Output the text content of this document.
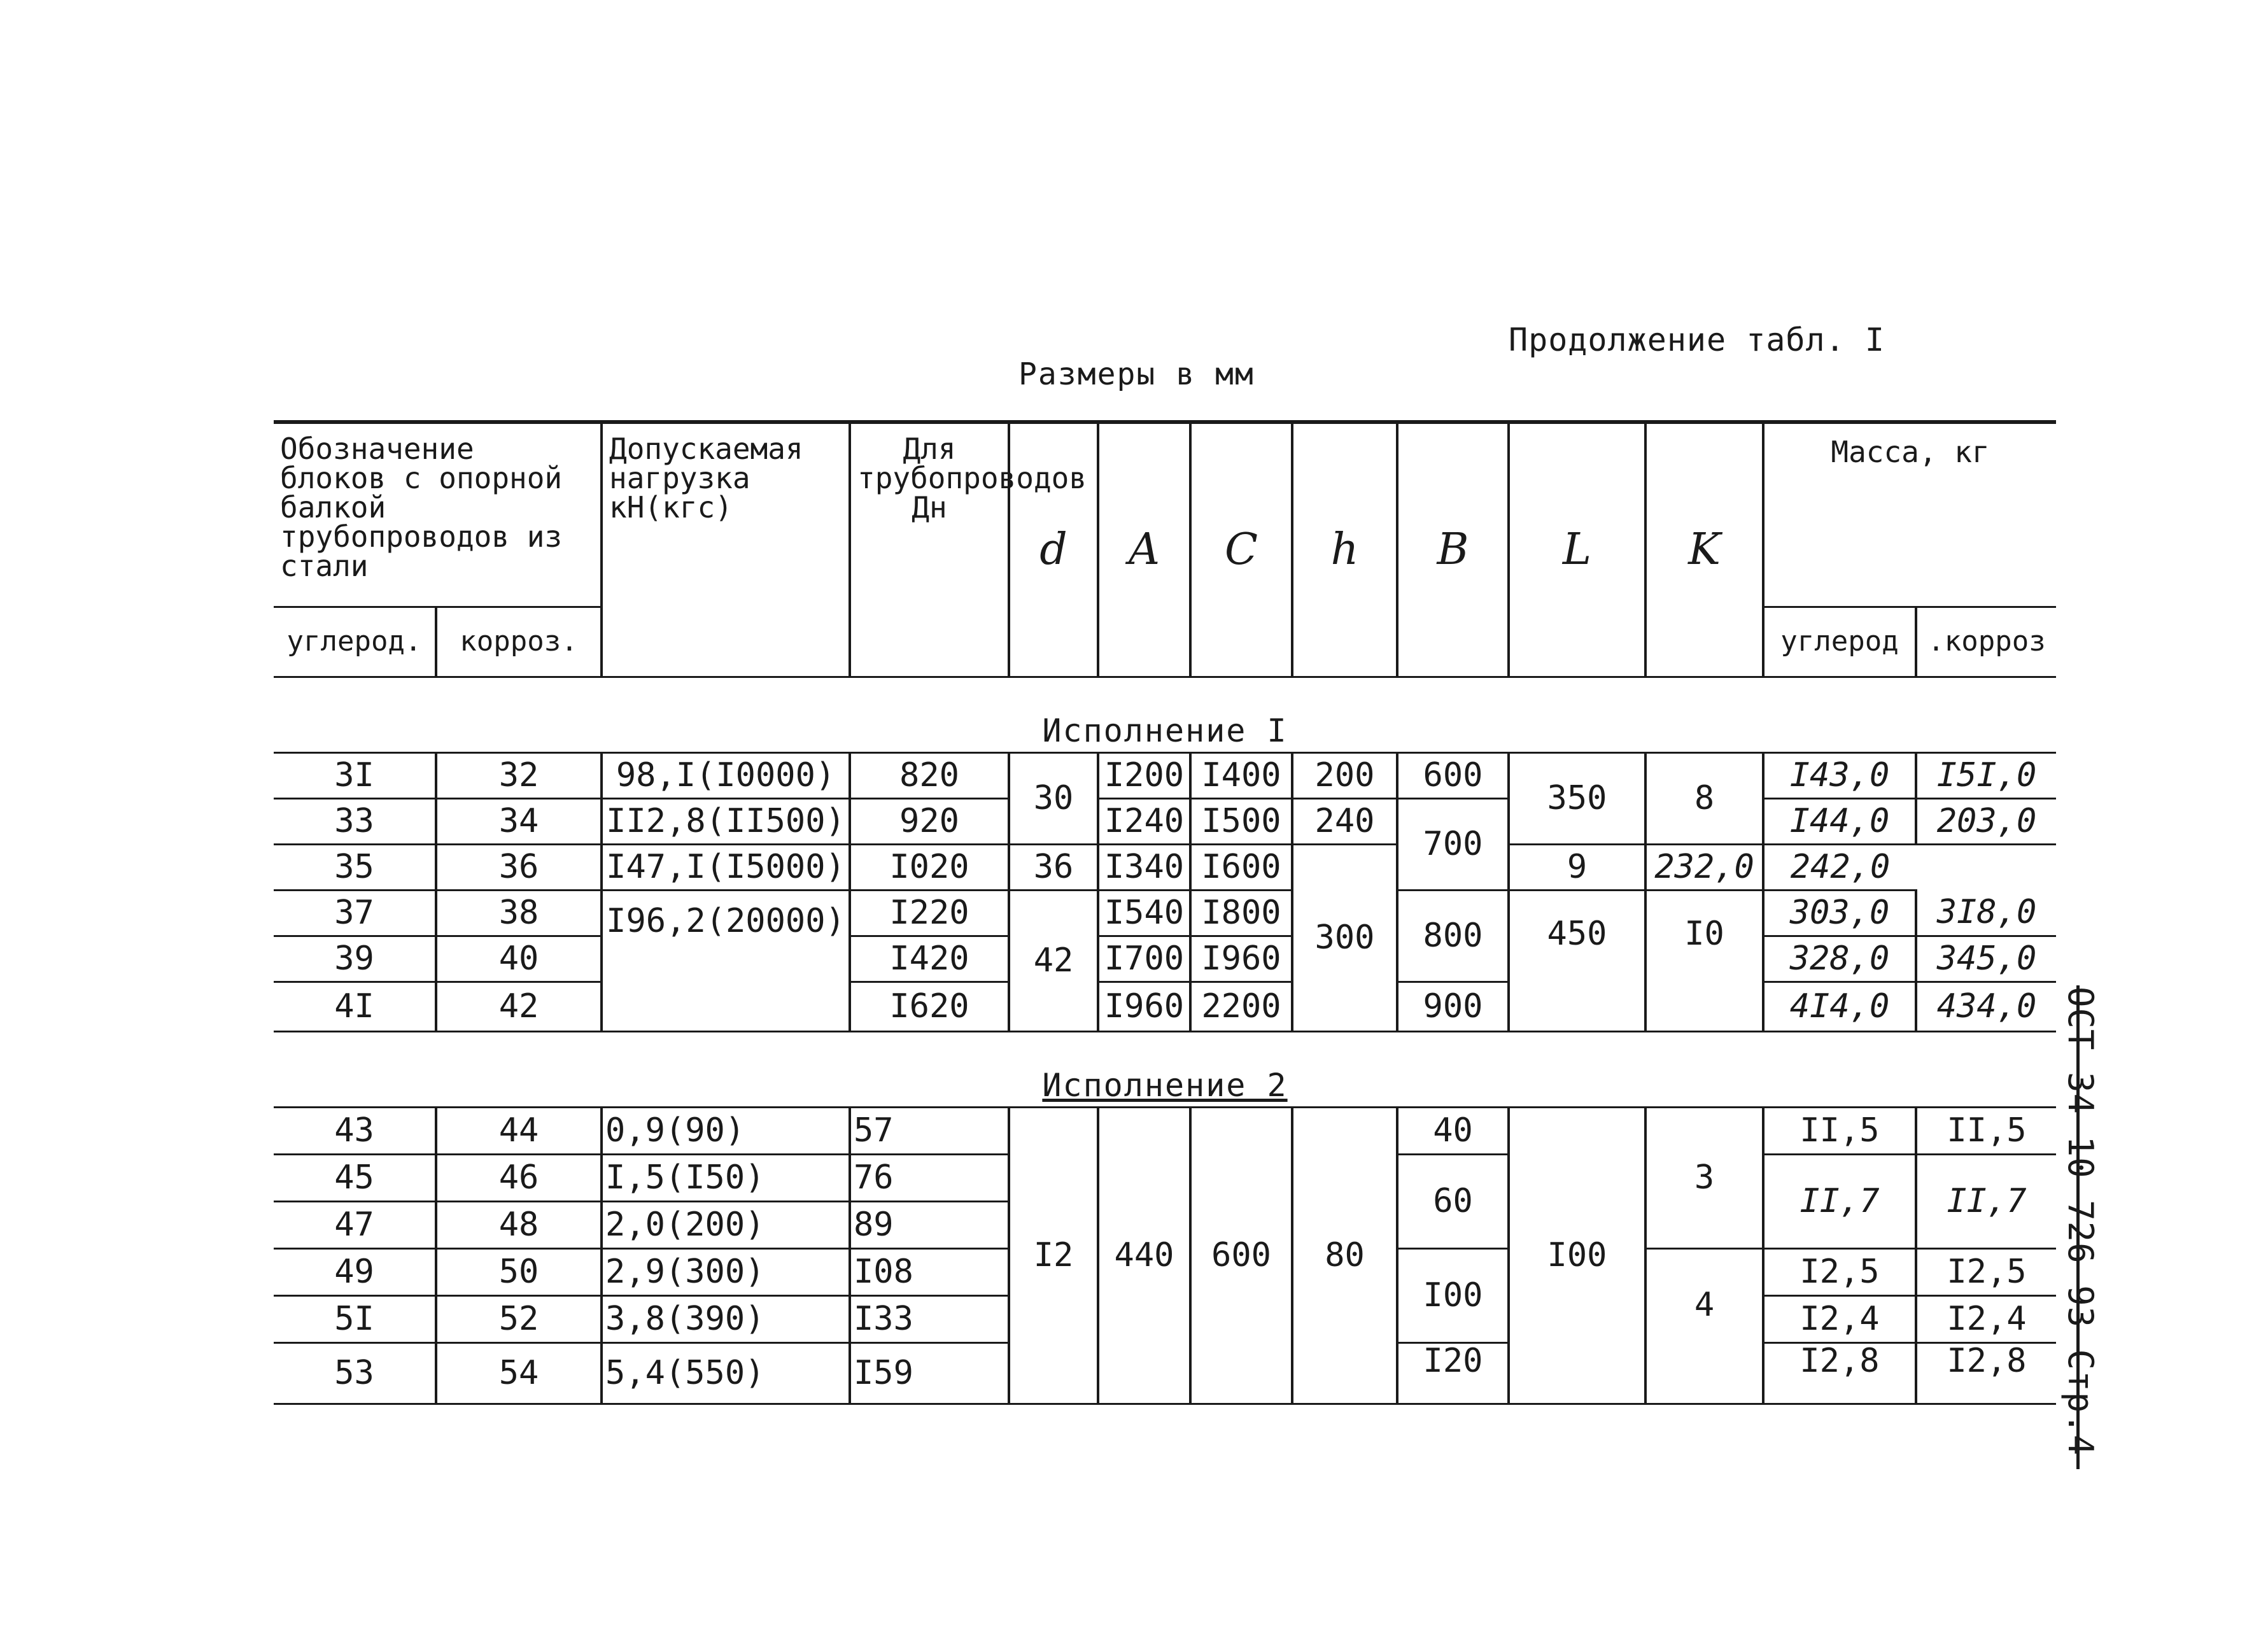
Продолжение табл. I
Размеры в мм
ОСТ 34-10-726-93 Стр.4
Обозначение блоков с опорной балкой трубопроводов из стали		Допускаемая нагрузка кН(кгс)	Для трубопроводов Дн	d	A	C	h	B	L	K	Масса, кг	
углерод.	корроз.										углерод	.корроз
Исполнение I												
3I	32	98,I(I0000)	820	30	I200	I400	200	600	350	8	I43,0	I5I,0
33	34	II2,8(II500)	920		I240	I500	240	700			I44,0	203,0
35	36	I47,I(I5000)	I020	36	I340	I600	300		9	232,0	242,0	
37	38	I96,2(20000)	I220	42	I540	I800		800	450	I0	303,0	3I8,0
39	40		I420		I700	I960					328,0	345,0
4I	42		I620		I960	2200		900			4I4,0	434,0
Исполнение 2												
43	44	0,9(90)	57	I2	440	600	80	40	I00	3	II,5	II,5
45	46	I,5(I50)	76					60			II,7	II,7
47	48	2,0(200)	89									
49	50	2,9(300)	I08					I00		4	I2,5	I2,5
5I	52	3,8(390)	I33								I2,4	I2,4
53	54	5,4(550)	I59					I20			I2,8	I2,8
